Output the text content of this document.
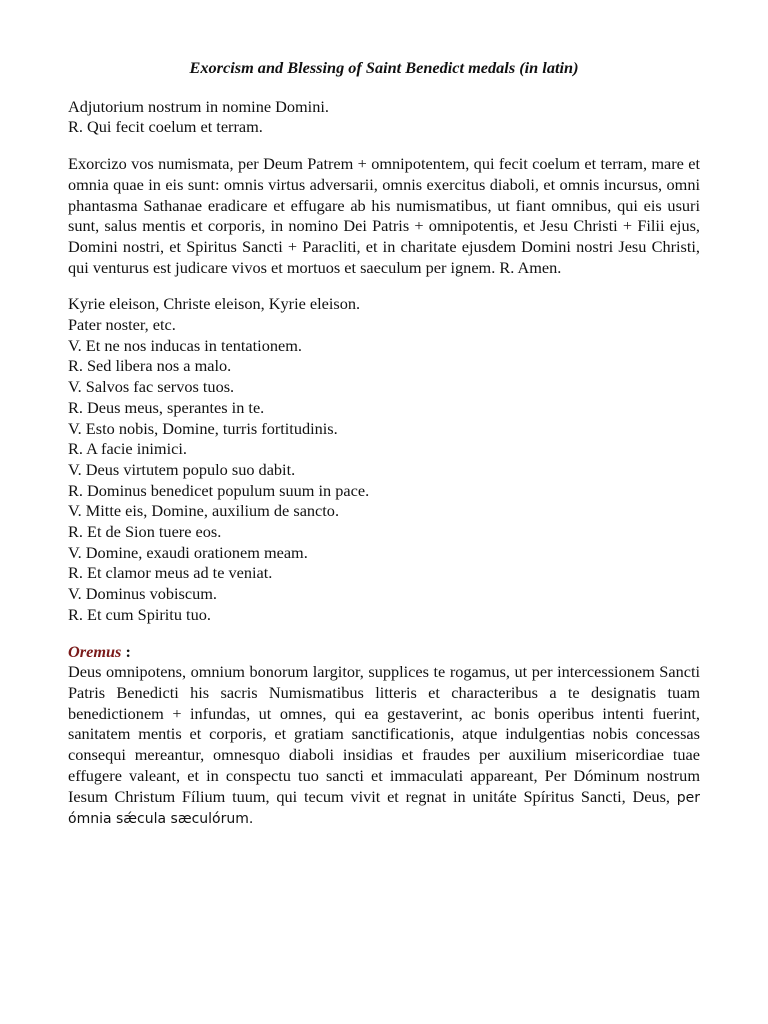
Exorcism and Blessing of Saint Benedict medals (in latin)
Adjutorium nostrum in nomine Domini.
R. Qui fecit coelum et terram.

Exorcizo vos numismata, per Deum Patrem + omnipotentem, qui fecit coelum et terram, mare et omnia quae in eis sunt: omnis virtus adversarii, omnis exercitus diaboli, et omnis incursus, omni phantasma Sathanae eradicare et effugare ab his numismatibus, ut fiant omnibus, qui eis usuri sunt, salus mentis et corporis, in nomino Dei Patris + omnipotentis, et Jesu Christi + Filii ejus, Domini nostri, et Spiritus Sancti + Paracliti, et in charitate ejusdem Domini nostri Jesu Christi, qui venturus est judicare vivos et mortuos et saeculum per ignem. R. Amen.

Kyrie eleison, Christe eleison, Kyrie eleison.
Pater noster, etc.
V. Et ne nos inducas in tentationem.
R. Sed libera nos a malo.
V. Salvos fac servos tuos.
R. Deus meus, sperantes in te.
V. Esto nobis, Domine, turris fortitudinis.
R. A facie inimici.
V. Deus virtutem populo suo dabit.
R. Dominus benedicet populum suum in pace.
V. Mitte eis, Domine, auxilium de sancto.
R. Et de Sion tuere eos.
V. Domine, exaudi orationem meam.
R. Et clamor meus ad te veniat.
V. Dominus vobiscum.
R. Et cum Spiritu tuo.
Oremus :

Deus omnipotens, omnium bonorum largitor, supplices te rogamus, ut per intercessionem Sancti Patris Benedicti his sacris Numismatibus litteris et characteribus a te designatis tuam benedictionem + infundas, ut omnes, qui ea gestaverint, ac bonis operibus intenti fuerint, sanitatem mentis et corporis, et gratiam sanctificationis, atque indulgentias nobis concessas consequi mereantur, omnesquo diaboli insidias et fraudes per auxilium misericordiae tuae effugere valeant, et in conspectu tuo sancti et immaculati appareant, Per Dóminum nostrum Iesum Christum Fílium tuum, qui tecum vivit et regnat in unitáte Spíritus Sancti, Deus, per ómnia sǽcula sæculórum.
